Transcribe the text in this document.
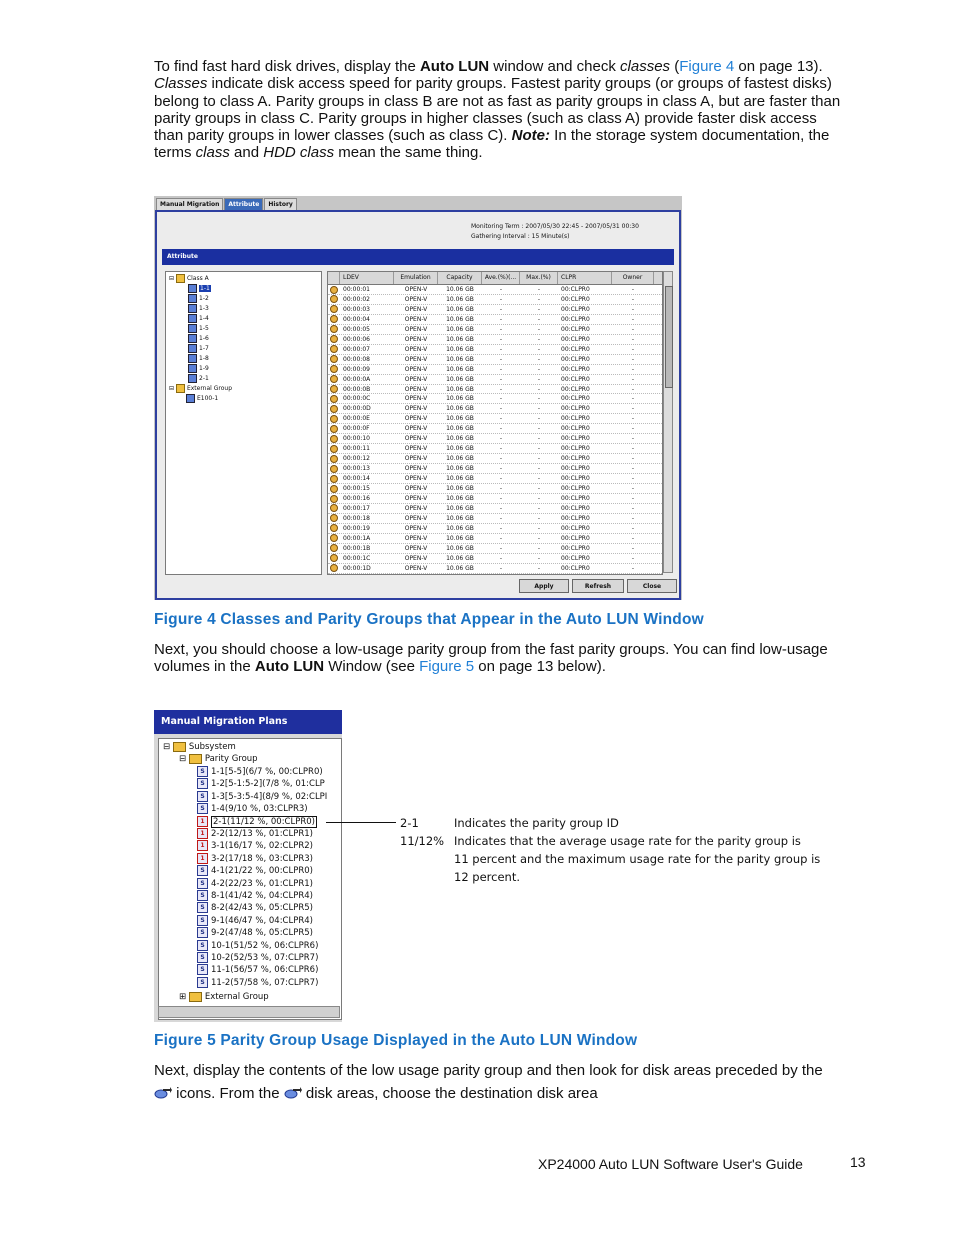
To find fast hard disk drives, display the Auto LUN window and check classes (Figure 4 on page 13).
Classes indicate disk access speed for parity groups. Fastest parity groups (or groups of fastest disks)
belong to class A. Parity groups in class B are not as fast as parity groups in class A, but are faster than
parity groups in class C. Parity groups in higher classes (such as class A) provide faster disk access
than parity groups in lower classes (such as class C). Note: In the storage system documentation, the
terms class and HDD class mean the same thing.
Manual Migration	Attribute	History
Monitoring Term : 2007/05/30 22:45 - 2007/05/31 00:30
Gathering Interval : 15 Minute(s)
Attribute
⊟ Class A
1-1
1-2
1-3
1-4
1-5
1-6
1-7
1-8
1-9
2-1
⊟ External Group
E100-1
LDEV	Emulation	Capacity	Ave.(%)(...	Max.(%)	CLPR	Owner
00:00:01	OPEN-V	10.06 GB	-	-	00:CLPR0	-
00:00:02	OPEN-V	10.06 GB	-	-	00:CLPR0	-
00:00:03	OPEN-V	10.06 GB	-	-	00:CLPR0	-
00:00:04	OPEN-V	10.06 GB	-	-	00:CLPR0	-
00:00:05	OPEN-V	10.06 GB	-	-	00:CLPR0	-
00:00:06	OPEN-V	10.06 GB	-	-	00:CLPR0	-
00:00:07	OPEN-V	10.06 GB	-	-	00:CLPR0	-
00:00:08	OPEN-V	10.06 GB	-	-	00:CLPR0	-
00:00:09	OPEN-V	10.06 GB	-	-	00:CLPR0	-
00:00:0A	OPEN-V	10.06 GB	-	-	00:CLPR0	-
00:00:0B	OPEN-V	10.06 GB	-	-	00:CLPR0	-
00:00:0C	OPEN-V	10.06 GB	-	-	00:CLPR0	-
00:00:0D	OPEN-V	10.06 GB	-	-	00:CLPR0	-
00:00:0E	OPEN-V	10.06 GB	-	-	00:CLPR0	-
00:00:0F	OPEN-V	10.06 GB	-	-	00:CLPR0	-
00:00:10	OPEN-V	10.06 GB	-	-	00:CLPR0	-
00:00:11	OPEN-V	10.06 GB	-	-	00:CLPR0	-
00:00:12	OPEN-V	10.06 GB	-	-	00:CLPR0	-
00:00:13	OPEN-V	10.06 GB	-	-	00:CLPR0	-
00:00:14	OPEN-V	10.06 GB	-	-	00:CLPR0	-
00:00:15	OPEN-V	10.06 GB	-	-	00:CLPR0	-
00:00:16	OPEN-V	10.06 GB	-	-	00:CLPR0	-
00:00:17	OPEN-V	10.06 GB	-	-	00:CLPR0	-
00:00:18	OPEN-V	10.06 GB	-	-	00:CLPR0	-
00:00:19	OPEN-V	10.06 GB	-	-	00:CLPR0	-
00:00:1A	OPEN-V	10.06 GB	-	-	00:CLPR0	-
00:00:1B	OPEN-V	10.06 GB	-	-	00:CLPR0	-
00:00:1C	OPEN-V	10.06 GB	-	-	00:CLPR0	-
00:00:1D	OPEN-V	10.06 GB	-	-	00:CLPR0	-
Apply	Refresh	Close
Figure 4 Classes and Parity Groups that Appear in the Auto LUN Window
Next, you should choose a low-usage parity group from the fast parity groups. You can find low-usage
volumes in the Auto LUN Window (see Figure 5 on page 13 below).
Manual Migration Plans
⊟ Subsystem
⊟ Parity Group
S 1-1[5-5](6/7 %, 00:CLPR0)
S 1-2[5-1:5-2](7/8 %, 01:CLP
S 1-3[5-3:5-4](8/9 %, 02:CLPI
S 1-4(9/10 %, 03:CLPR3)
1 2-1(11/12 %, 00:CLPR0)
1 2-2(12/13 %, 01:CLPR1)
1 3-1(16/17 %, 02:CLPR2)
1 3-2(17/18 %, 03:CLPR3)
S 4-1(21/22 %, 00:CLPR0)
S 4-2(22/23 %, 01:CLPR1)
S 8-1(41/42 %, 04:CLPR4)
S 8-2(42/43 %, 05:CLPR5)
S 9-1(46/47 %, 04:CLPR4)
S 9-2(47/48 %, 05:CLPR5)
S 10-1(51/52 %, 06:CLPR6)
S 10-2(52/53 %, 07:CLPR7)
S 11-1(56/57 %, 06:CLPR6)
S 11-2(57/58 %, 07:CLPR7)
⊞ External Group
2-1	Indicates the parity group ID
11/12% Indicates that the average usage rate for the parity group is
11 percent and the maximum usage rate for the parity group is
12 percent.
Figure 5 Parity Group Usage Displayed in the Auto LUN Window
Next, display the contents of the low usage parity group and then look for disk areas preceded by the
icons. From the  disk areas, choose the destination disk area
XP24000 Auto LUN Software User's Guide	13
